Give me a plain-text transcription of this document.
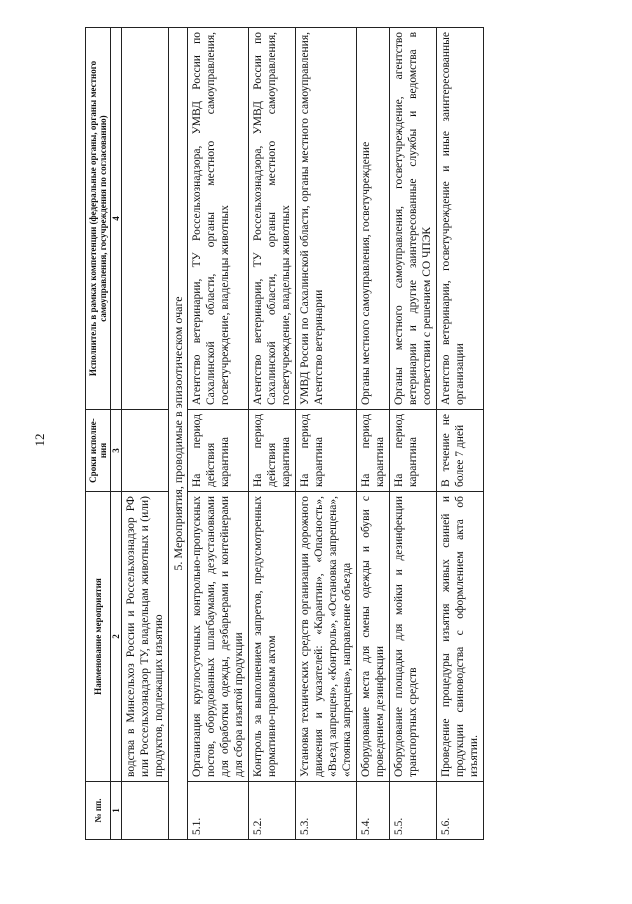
12
№ пп.	Наименование мероприятия	Сроки исполне-ния	Исполнитель в рамках компетенции (федеральные органы, органы местного самоуправления, госучреждения по согласованию)
1	2	3	4
	водства в Минсельхоз России и Россельхознадзор РФ или Россельхознадзор ТУ, владельцам животных и (или) продуктов, подлежащих изъятию		
5. Мероприятия, проводимые в эпизоотическом очаге			
5.1.	Организация круглосуточных контрольно-пропускных постов, оборудованных шлагбаумами, дезустановками для обработки одежды, дезбарьерами и контейнерами для сбора изъятой продукции	На период действия карантина	Агентство ветеринарии, ТУ Россельхознадзора, УМВД России по Сахалинской области, органы местного самоуправления, госветучреждение, владельцы животных
5.2.	Контроль за выполнением запретов, предусмотренных нормативно-правовым актом	На период действия карантина	Агентство ветеринарии, ТУ Россельхознадзора, УМВД России по Сахалинской области, органы местного самоуправления, госветучреждение, владельцы животных
5.3.	Установка технических средств организации дорожного движения и указателей: «Карантин», «Опасность», «Въезд запрещен», «Контроль», «Остановка запрещена», «Стоянка запрещена», направление объезда	На период карантина	УМВД России по Сахалинской области, органы местного самоуправления, Агентство ветеринарии
5.4.	Оборудование места для смены одежды и обуви с проведением дезинфекции	На период карантина	Органы местного самоуправления, госветучреждение
5.5.	Оборудование площадки для мойки и дезинфекции транспортных средств	На период карантина	Органы местного самоуправления, госветучреждение, агентство ветеринарии и другие заинтересованные службы и ведомства в соответствии с решением СО ЧПЭК
5.6.	Проведение процедуры изъятия живых свиней и продукции свиноводства с оформлением акта об изъятии.	В течение не более 7 дней	Агентство ветеринарии, госветучреждение и иные заинтересованные организации
